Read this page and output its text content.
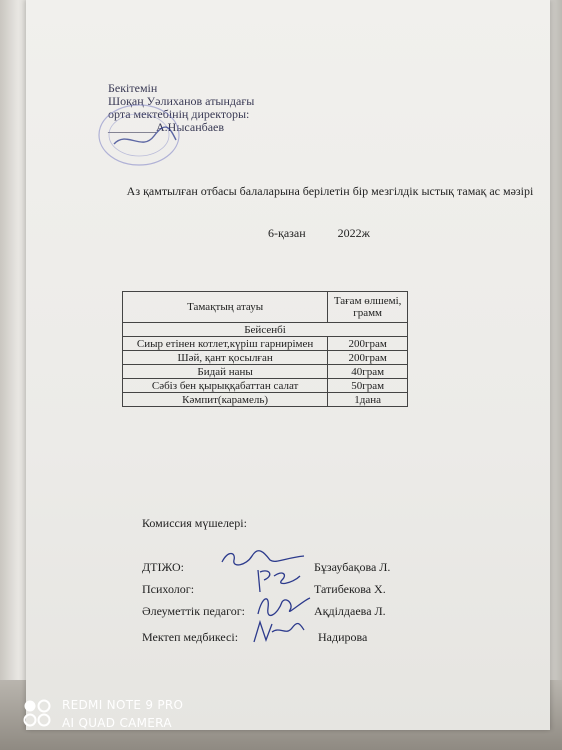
Бекітемін
Шоқаң Уәлиханов атындағы
орта мектебінің директоры:
________А.Нысанбаев
Аз қамтылған отбасы балаларына берілетін бір мезгілдік ыстық тамақ ас мәзірі
6-қазан	2022ж
Тамақтың атауы	Тағам өлшемі, грамм
Бейсенбі	
Сиыр етінен котлет,күріш гарнирімен	200грам
Шәй, қант қосылған	200грам
Бидай наны	40грам
Сәбіз бен қырыққабаттан салат	50грам
Кәмпит(карамель)	1дана
Комиссия мүшелері:
ДТІЖО:	Бұзаубақова Л.
Психолог:	Татибекова Х.
Әлеуметтік педагог:	Ақділдаева Л.
Мектеп медбикесі:	Надирова
REDMI NOTE 9 PRO
AI QUAD CAMERA
